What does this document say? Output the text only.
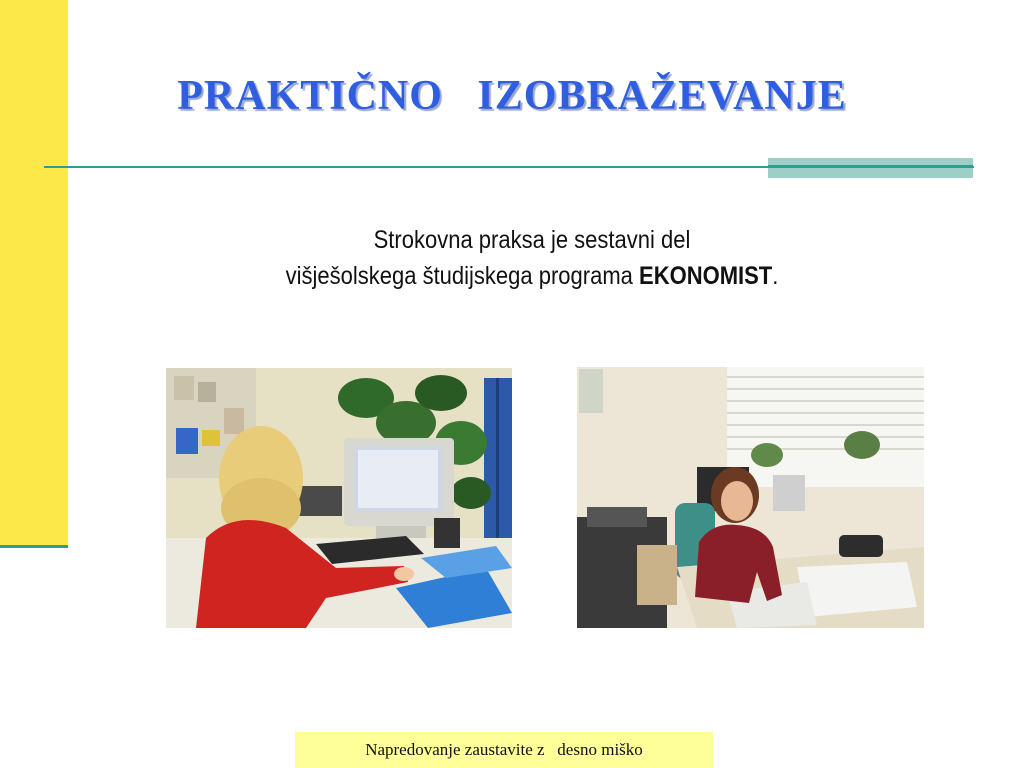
PRAKTIČNO   IZOBRAŽEVANJE
Strokovna praksa je sestavni del
višješolskega študijskega programa EKONOMIST.
Napredovanje zaustavite z   desno miško
